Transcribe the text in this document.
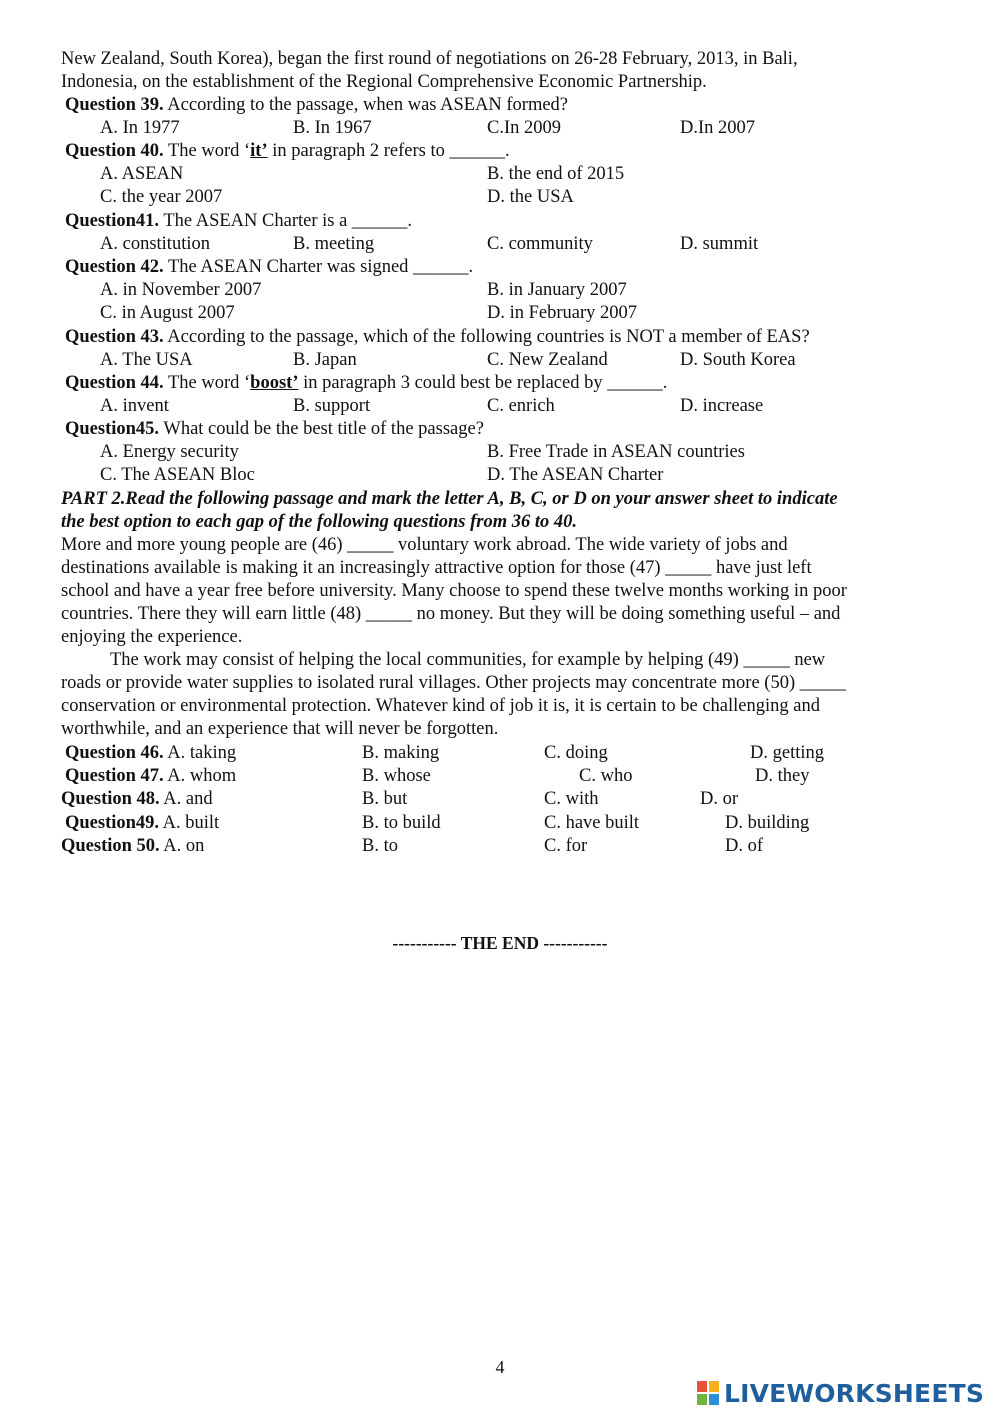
New Zealand, South Korea), began the first round of negotiations on 26-28 February, 2013, in Bali,
Indonesia, on the establishment of the Regional Comprehensive Economic Partnership.
Question 39. According to the passage, when was ASEAN formed?
A. In 1977	B. In 1967	C.In 2009	D.In 2007
Question 40. The word ‘it’ in paragraph 2 refers to ______.
A. ASEAN	B. the end of 2015
C. the year 2007	D. the USA
Question41. The ASEAN Charter is a ______.
A. constitution	B. meeting	C. community	D. summit
Question 42. The ASEAN Charter was signed ______.
A. in November 2007	B. in January 2007
C. in August 2007	D. in February 2007
Question 43. According to the passage, which of the following countries is NOT a member of EAS?
A. The USA	B. Japan	C. New Zealand	D. South Korea
Question 44. The word ‘boost’ in paragraph 3 could best be replaced by ______.
A. invent	B. support	C. enrich	D. increase
Question45. What could be the best title of the passage?
A. Energy security	B. Free Trade in ASEAN countries
C. The ASEAN Bloc	D. The ASEAN Charter
PART 2.Read the following passage and mark the letter A, B, C, or D on your answer sheet to indicate
the best option to each gap of the following questions from 36 to 40.
More and more young people are (46) _____ voluntary work abroad. The wide variety of jobs and
destinations available is making it an increasingly attractive option for those (47) _____ have just left
school and have a year free before university. Many choose to spend these twelve months working in poor
countries. There they will earn little (48) _____ no money. But they will be doing something useful – and
enjoying the experience.
The work may consist of helping the local communities, for example by helping (49) _____ new
roads or provide water supplies to isolated rural villages. Other projects may concentrate more (50) _____
conservation or environmental protection. Whatever kind of job it is, it is certain to be challenging and
worthwhile, and an experience that will never be forgotten.
Question 46. A. taking	B. making	C. doing	D. getting
Question 47. A. whom	B. whose	C. who	D. they
Question 48. A. and	B. but	C. with	D. or
Question49. A. built	B. to build	C. have built	D. building
Question 50. A. on	B. to	C. for	D. of
----------- THE END -----------
4
LIVEWORKSHEETS
